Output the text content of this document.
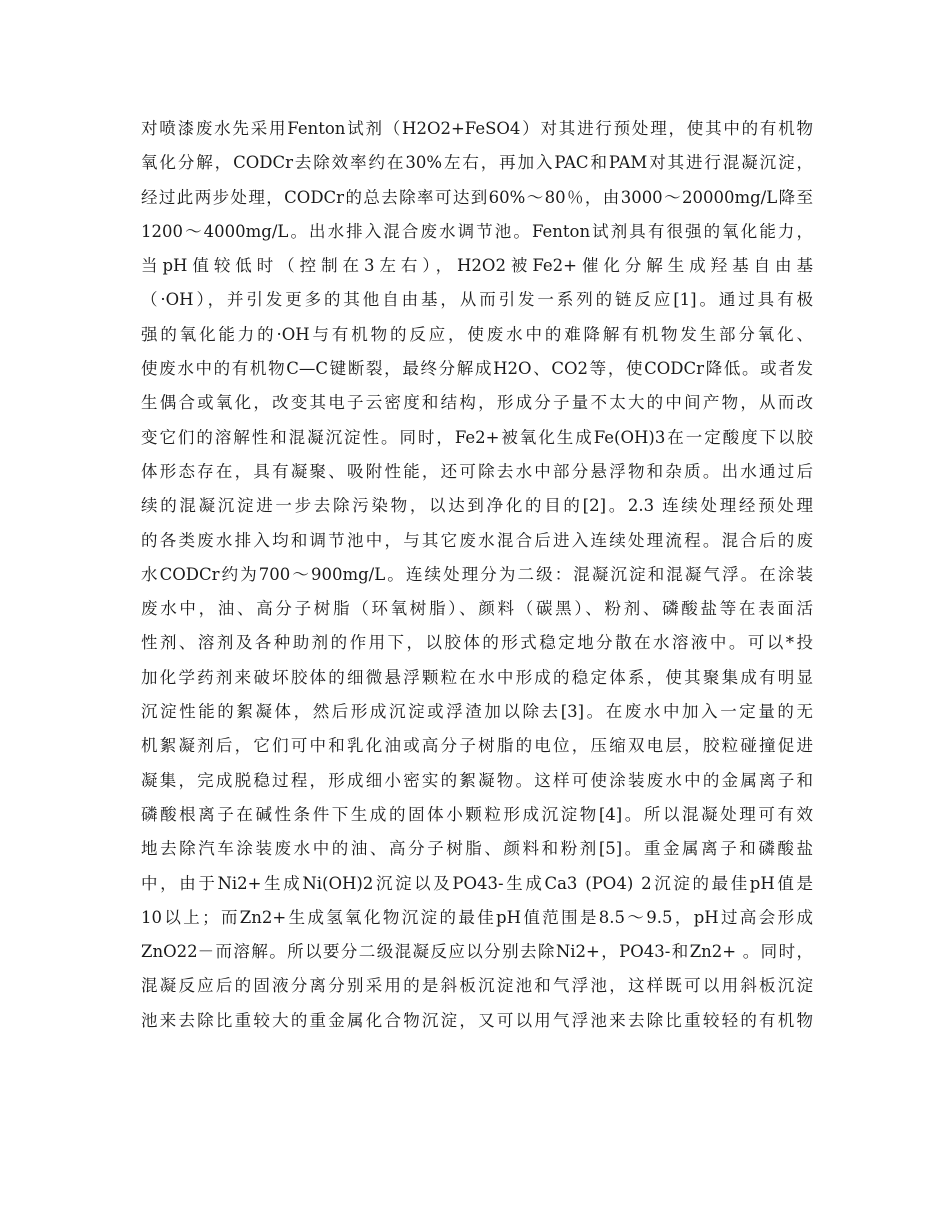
对喷漆废水先采用Fenton试剂（H2O2+FeSO4）对其进行预处理，使其中的有机物
氧化分解，CODCr去除效率约在30%左右，再加入PAC和PAM对其进行混凝沉淀，
经过此两步处理，CODCr的总去除率可达到60%～80％，由3000～20000mg/L降至
1200～4000mg/L。出水排入混合废水调节池。Fenton试剂具有很强的氧化能力，
当pH值较低时（控制在3左右），H2O2被Fe2+催化分解生成羟基自由基
（·OH），并引发更多的其他自由基，从而引发一系列的链反应[1]。通过具有极
强的氧化能力的·OH与有机物的反应，使废水中的难降解有机物发生部分氧化、
使废水中的有机物C—C键断裂，最终分解成H2O、CO2等，使CODCr降低。或者发
生偶合或氧化，改变其电子云密度和结构，形成分子量不太大的中间产物，从而改
变它们的溶解性和混凝沉淀性。同时，Fe2+被氧化生成Fe(OH)3在一定酸度下以胶
体形态存在，具有凝聚、吸附性能，还可除去水中部分悬浮物和杂质。出水通过后
续的混凝沉淀进一步去除污染物，以达到净化的目的[2]。2.3 连续处理经预处理
的各类废水排入均和调节池中，与其它废水混合后进入连续处理流程。混合后的废
水CODCr约为700～900mg/L。连续处理分为二级：混凝沉淀和混凝气浮。在涂装
废水中，油、高分子树脂（环氧树脂）、颜料（碳黑）、粉剂、磷酸盐等在表面活
性剂、溶剂及各种助剂的作用下，以胶体的形式稳定地分散在水溶液中。可以*投
加化学药剂来破坏胶体的细微悬浮颗粒在水中形成的稳定体系，使其聚集成有明显
沉淀性能的絮凝体，然后形成沉淀或浮渣加以除去[3]。在废水中加入一定量的无
机絮凝剂后，它们可中和乳化油或高分子树脂的电位，压缩双电层，胶粒碰撞促进
凝集，完成脱稳过程，形成细小密实的絮凝物。这样可使涂装废水中的金属离子和
磷酸根离子在碱性条件下生成的固体小颗粒形成沉淀物[4]。所以混凝处理可有效
地去除汽车涂装废水中的油、高分子树脂、颜料和粉剂[5]。重金属离子和磷酸盐
中，由于Ni2+生成Ni(OH)2沉淀以及PO43-生成Ca3 (PO4) 2沉淀的最佳pH值是
10以上；而Zn2+生成氢氧化物沉淀的最佳pH值范围是8.5～9.5，pH过高会形成
ZnO22－而溶解。所以要分二级混凝反应以分别去除Ni2+，PO43-和Zn2+ 。同时，
混凝反应后的固液分离分别采用的是斜板沉淀池和气浮池，这样既可以用斜板沉淀
池来去除比重较大的重金属化合物沉淀，又可以用气浮池来去除比重较轻的有机物
